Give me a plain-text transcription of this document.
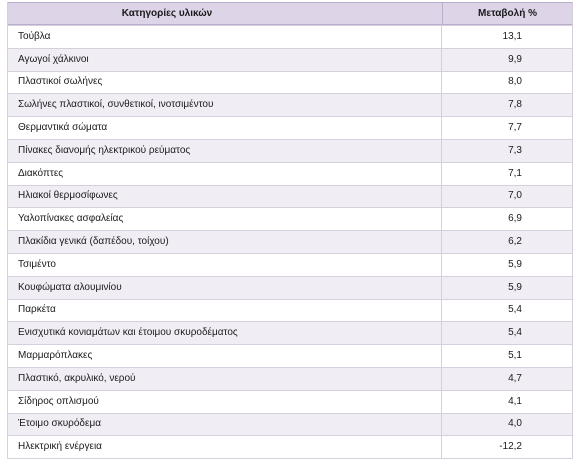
Κατηγορίες υλικών	Μεταβολή %
Τούβλα	13,1
Αγωγοί χάλκινοι	9,9
Πλαστικοί σωλήνες	8,0
Σωλήνες πλαστικοί, συνθετικοί, ινοτσιμέντου	7,8
Θερμαντικά σώματα	7,7
Πίνακες διανομής ηλεκτρικού ρεύματος	7,3
Διακόπτες	7,1
Ηλιακοί θερμοσίφωνες	7,0
Υαλοπίνακες ασφαλείας	6,9
Πλακίδια γενικά (δαπέδου, τοίχου)	6,2
Τσιμέντο	5,9
Κουφώματα αλουμινίου	5,9
Παρκέτα	5,4
Ενισχυτικά κονιαμάτων και έτοιμου σκυροδέματος	5,4
Μαρμαρόπλακες	5,1
Πλαστικό, ακρυλικό, νερού	4,7
Σίδηρος οπλισμού	4,1
Έτοιμο σκυρόδεμα	4,0
Ηλεκτρική ενέργεια	-12,2
